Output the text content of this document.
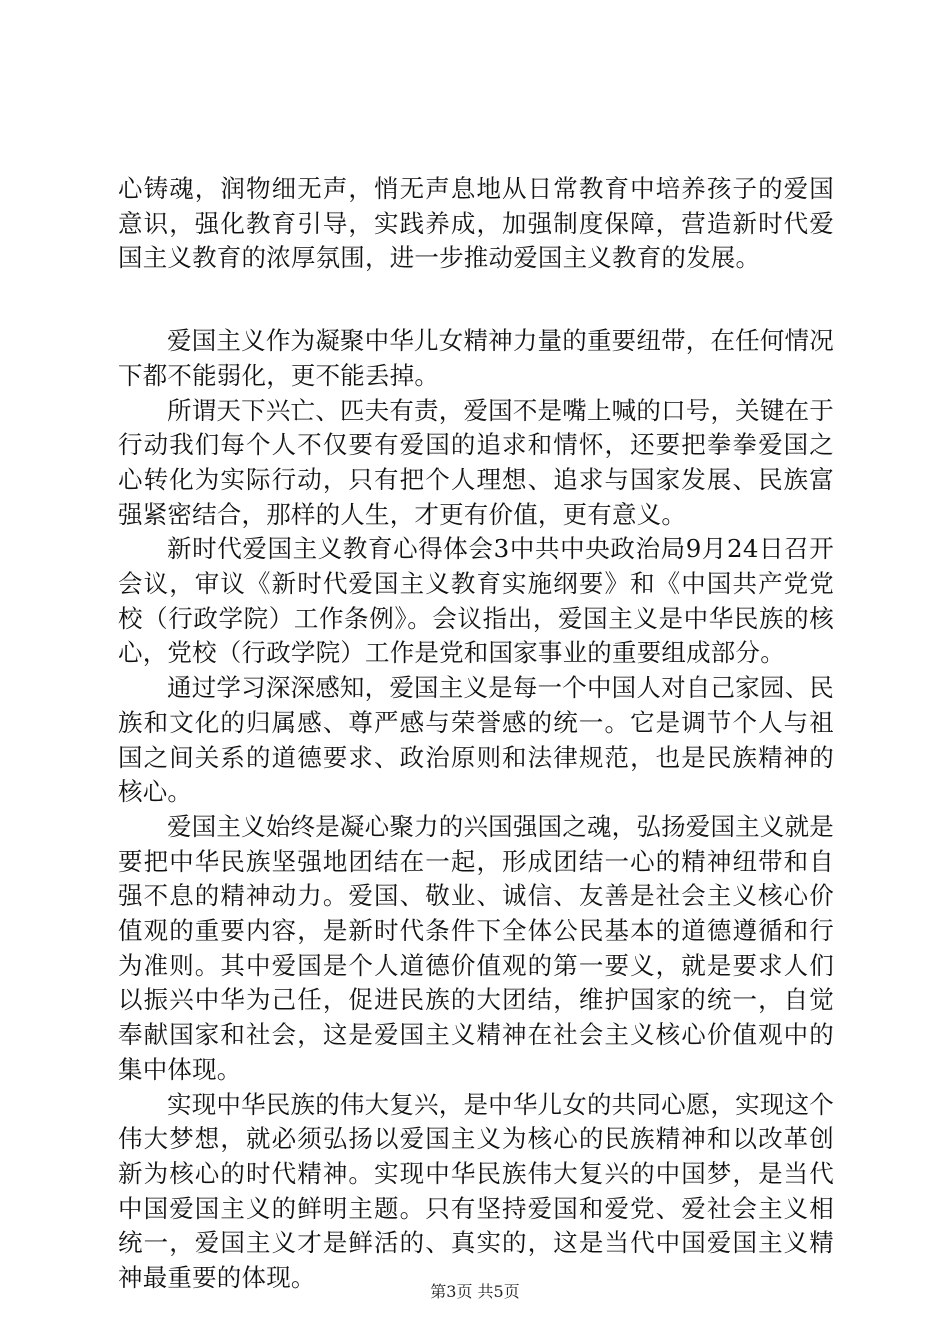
心铸魂，润物细无声，悄无声息地从日常教育中培养孩子的爱国意识，强化教育引导，实践养成，加强制度保障，营造新时代爱国主义教育的浓厚氛围，进一步推动爱国主义教育的发展。

爱国主义作为凝聚中华儿女精神力量的重要纽带，在任何情况下都不能弱化，更不能丢掉。

所谓天下兴亡、匹夫有责，爱国不是嘴上喊的口号，关键在于行动我们每个人不仅要有爱国的追求和情怀，还要把拳拳爱国之心转化为实际行动，只有把个人理想、追求与国家发展、民族富强紧密结合，那样的人生，才更有价值，更有意义。

新时代爱国主义教育心得体会3中共中央政治局9月24日召开会议，审议《新时代爱国主义教育实施纲要》和《中国共产党党校（行政学院）工作条例》。会议指出，爱国主义是中华民族的核心，党校（行政学院）工作是党和国家事业的重要组成部分。

通过学习深深感知，爱国主义是每一个中国人对自己家园、民族和文化的归属感、尊严感与荣誉感的统一。它是调节个人与祖国之间关系的道德要求、政治原则和法律规范，也是民族精神的核心。

爱国主义始终是凝心聚力的兴国强国之魂，弘扬爱国主义就是要把中华民族坚强地团结在一起，形成团结一心的精神纽带和自强不息的精神动力。爱国、敬业、诚信、友善是社会主义核心价值观的重要内容，是新时代条件下全体公民基本的道德遵循和行为准则。其中爱国是个人道德价值观的第一要义，就是要求人们以振兴中华为己任，促进民族的大团结，维护国家的统一，自觉奉献国家和社会，这是爱国主义精神在社会主义核心价值观中的集中体现。

实现中华民族的伟大复兴，是中华儿女的共同心愿，实现这个伟大梦想，就必须弘扬以爱国主义为核心的民族精神和以改革创新为核心的时代精神。实现中华民族伟大复兴的中国梦，是当代中国爱国主义的鲜明主题。只有坚持爱国和爱党、爱社会主义相统一，爱国主义才是鲜活的、真实的，这是当代中国爱国主义精神最重要的体现。	第3页 共5页
